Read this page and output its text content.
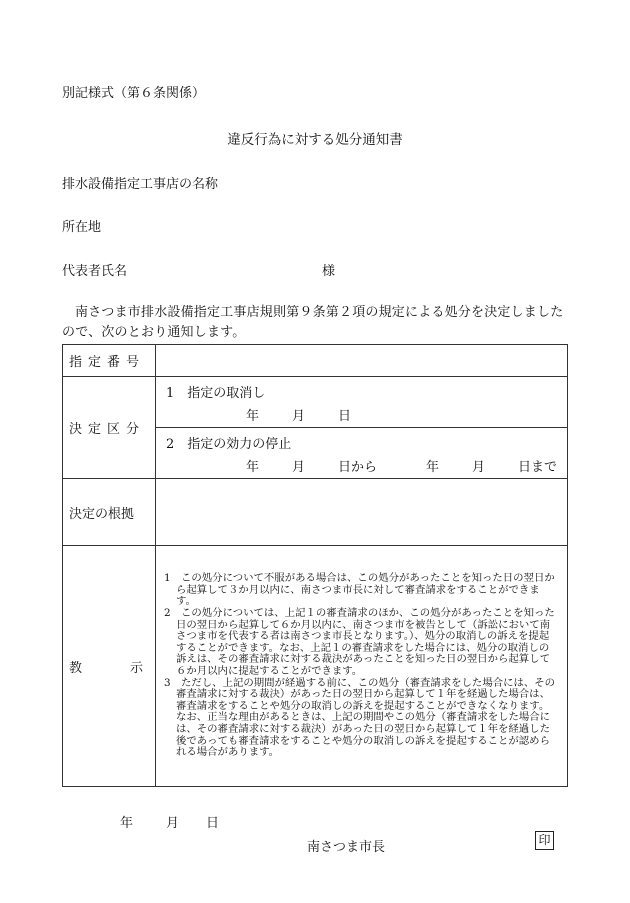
別記様式（第６条関係）
違反行為に対する処分通知書
排水設備指定工事店の名称
所在地
代表者氏名	様
南さつま市排水設備指定工事店規則第９条第２項の規定による処分を決定しましたので、次のとおり通知します。
指定番号	
決定区分	1　指定の取消し
年 月 日

	2　指定の効力の停止
年 月 日から 年 月 日まで

決定の根拠	
教示	1　この処分について不服がある場合は、この処分があったことを知った日の翌日から起算して３か月以内に、南さつま市長に対して審査請求をすることができます。
2　この処分については、上記１の審査請求のほか、この処分があったことを知った日の翌日から起算して６か月以内に、南さつま市を被告として（訴訟において南さつま市を代表する者は南さつま市長となります。）、処分の取消しの訴えを提起することができます。なお、上記１の審査請求をした場合には、処分の取消しの訴えは、その審査請求に対する裁決があったことを知った日の翌日から起算して６か月以内に提起することができます。
3　ただし、上記の期間が経過する前に、この処分（審査請求をした場合には、その審査請求に対する裁決）があった日の翌日から起算して１年を経過した場合は、審査請求をすることや処分の取消しの訴えを提起することができなくなります。なお、正当な理由があるときは、上記の期間やこの処分（審査請求をした場合には、その審査請求に対する裁決）があった日の翌日から起算して１年を経過した後であっても審査請求をすることや処分の取消しの訴えを提起することが認められる場合があります。
年	月 日
南さつま市長	印
